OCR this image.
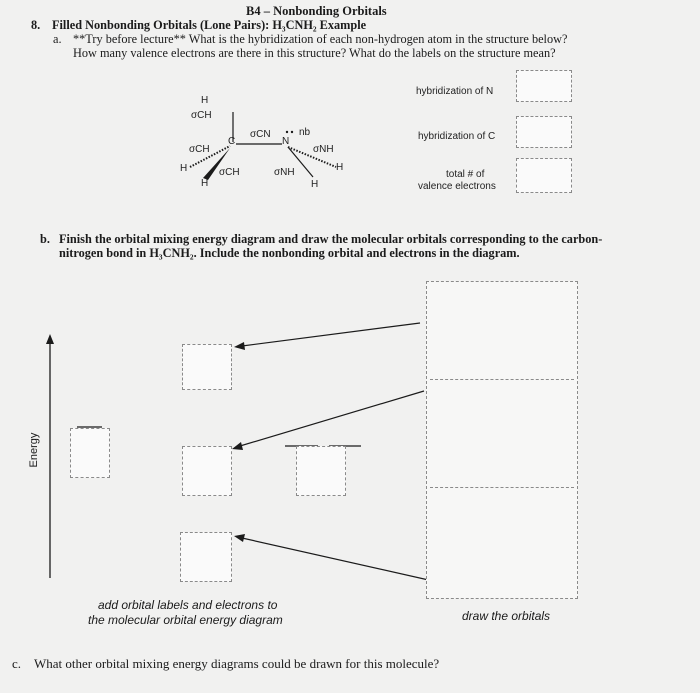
B4 – Nonbonding Orbitals
8. Filled Nonbonding Orbitals (Lone Pairs): H₃CNH₂ Example
a. **Try before lecture** What is the hybridization of each non-hydrogen atom in the structure below?
How many valence electrons are there in this structure? What do the labels on the structure mean?
H
σCH
σCH
C
H
H
σCH
σCN
N
nb
σNH
H
σNH
H
hybridization of N
hybridization of C
total # of
valence electrons
b. Finish the orbital mixing energy diagram and draw the molecular orbitals corresponding to the carbon-
nitrogen bond in H₃CNH₂. Include the nonbonding orbital and electrons in the diagram.
Energy
add orbital labels and electrons to
the molecular orbital energy diagram	draw the orbitals
c. What other orbital mixing energy diagrams could be drawn for this molecule?
